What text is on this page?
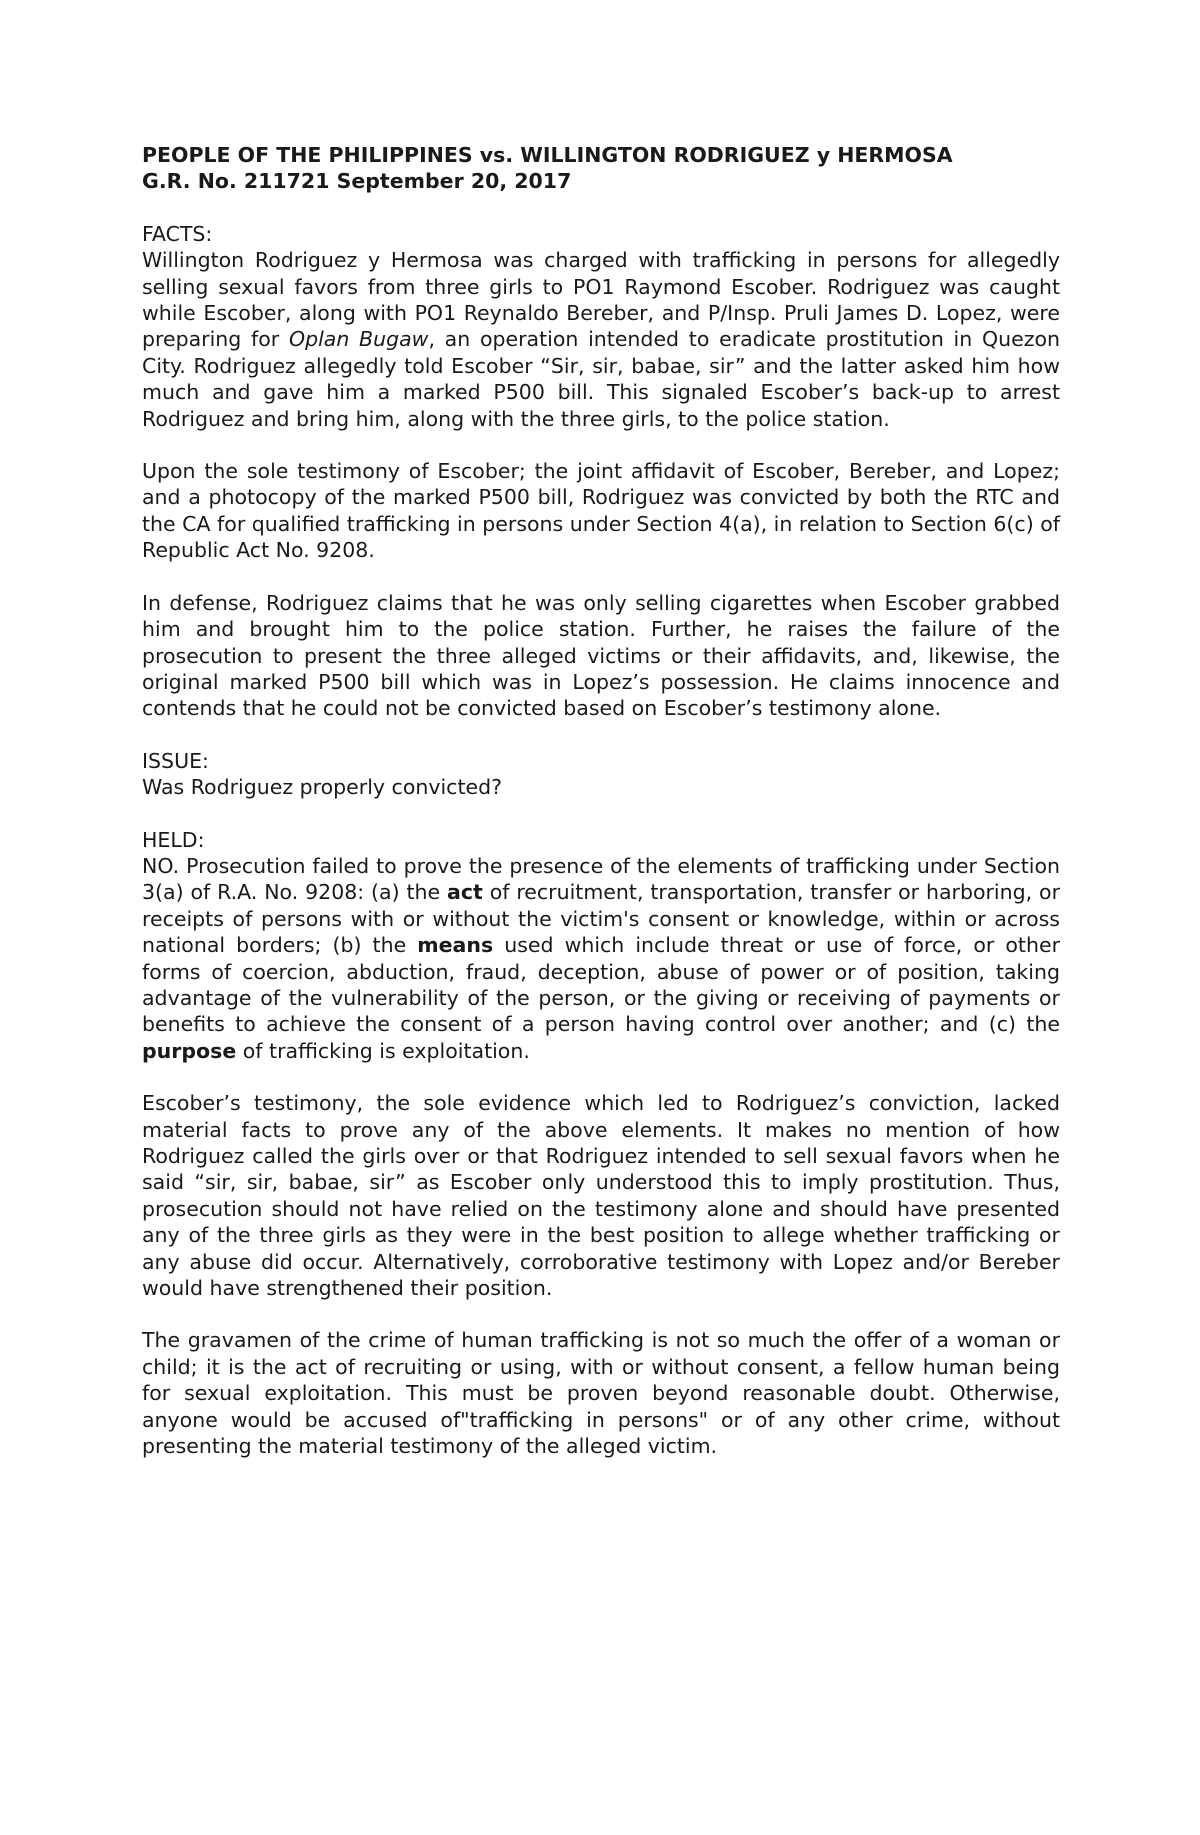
PEOPLE OF THE PHILIPPINES vs. WILLINGTON RODRIGUEZ y HERMOSA
G.R. No. 211721 September 20, 2017

FACTS:

Willington Rodriguez y Hermosa was charged with trafficking in persons for allegedly selling sexual favors from three girls to PO1 Raymond Escober. Rodriguez was caught while Escober, along with PO1 Reynaldo Bereber, and P/Insp. Pruli James D. Lopez, were preparing for Oplan Bugaw, an operation intended to eradicate prostitution in Quezon City. Rodriguez allegedly told Escober “Sir, sir, babae, sir” and the latter asked him how much and gave him a marked P500 bill. This signaled Escober’s back-up to arrest Rodriguez and bring him, along with the three girls, to the police station.

Upon the sole testimony of Escober; the joint affidavit of Escober, Bereber, and Lopez; and a photocopy of the marked P500 bill, Rodriguez was convicted by both the RTC and the CA for qualified trafficking in persons under Section 4(a), in relation to Section 6(c) of Republic Act No. 9208.

In defense, Rodriguez claims that he was only selling cigarettes when Escober grabbed him and brought him to the police station. Further, he raises the failure of the prosecution to present the three alleged victims or their affidavits, and, likewise, the original marked P500 bill which was in Lopez’s possession. He claims innocence and contends that he could not be convicted based on Escober’s testimony alone.

ISSUE:

Was Rodriguez properly convicted?

HELD:

NO. Prosecution failed to prove the presence of the elements of trafficking under Section 3(a) of R.A. No. 9208: (a) the act of recruitment, transportation, transfer or harboring, or receipts of persons with or without the victim's consent or knowledge, within or across national borders; (b) the means used which include threat or use of force, or other forms of coercion, abduction, fraud, deception, abuse of power or of position, taking advantage of the vulnerability of the person, or the giving or receiving of payments or benefits to achieve the consent of a person having control over another; and (c) the purpose of trafficking is exploitation.

Escober’s testimony, the sole evidence which led to Rodriguez’s conviction, lacked material facts to prove any of the above elements. It makes no mention of how Rodriguez called the girls over or that Rodriguez intended to sell sexual favors when he said “sir, sir, babae, sir” as Escober only understood this to imply prostitution. Thus, prosecution should not have relied on the testimony alone and should have presented any of the three girls as they were in the best position to allege whether trafficking or any abuse did occur. Alternatively, corroborative testimony with Lopez and/or Bereber would have strengthened their position.

The gravamen of the crime of human trafficking is not so much the offer of a woman or child; it is the act of recruiting or using, with or without consent, a fellow human being for sexual exploitation. This must be proven beyond reasonable doubt. Otherwise, anyone would be accused of"trafficking in persons" or of any other crime, without presenting the material testimony of the alleged victim.
